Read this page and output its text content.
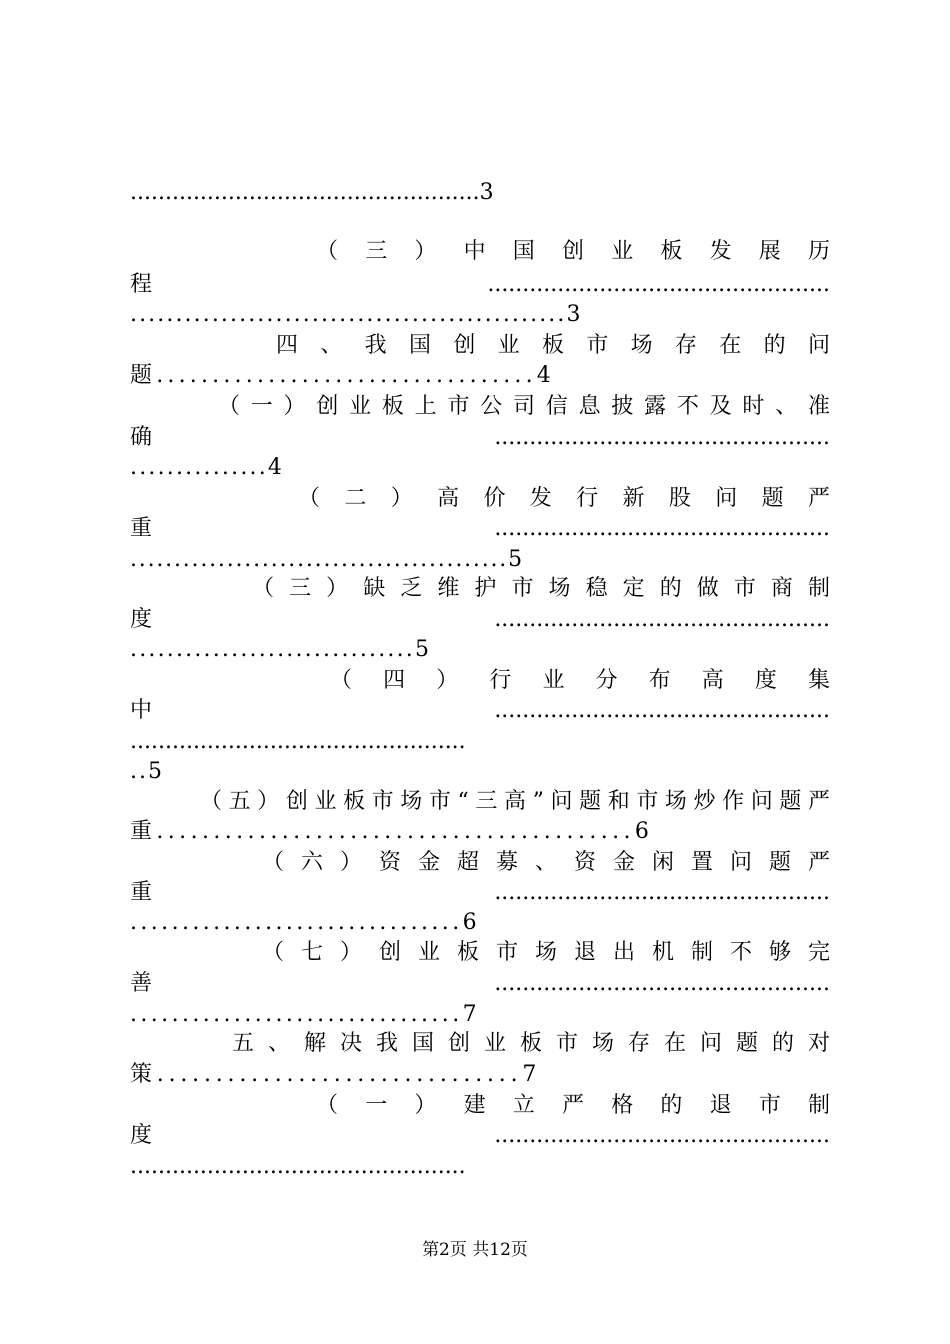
..................................................3
（三）中国创业板发展历
程.................................................
................................................3
四、我国创业板市场存在的问
题..................................4
（一）创业板上市公司信息披露不及时、准
确................................................
...............4
（二）高价发行新股问题严
重................................................
...........................................5
（三）缺乏维护市场稳定的做市商制
度................................................
...............................5
（四）行业分布高度集
中................................................
................................................
..5
（五）创业板市场市“三高”问题和市场炒作问题严
重..........................................6
（六）资金超募、资金闲置问题严
重................................................
................................6
（七）创业板市场退出机制不够完
善................................................
................................7
五、解决我国创业板市场存在问题的对
策...............................7
（一）建立严格的退市制
度................................................
................................................
第2页 共12页
